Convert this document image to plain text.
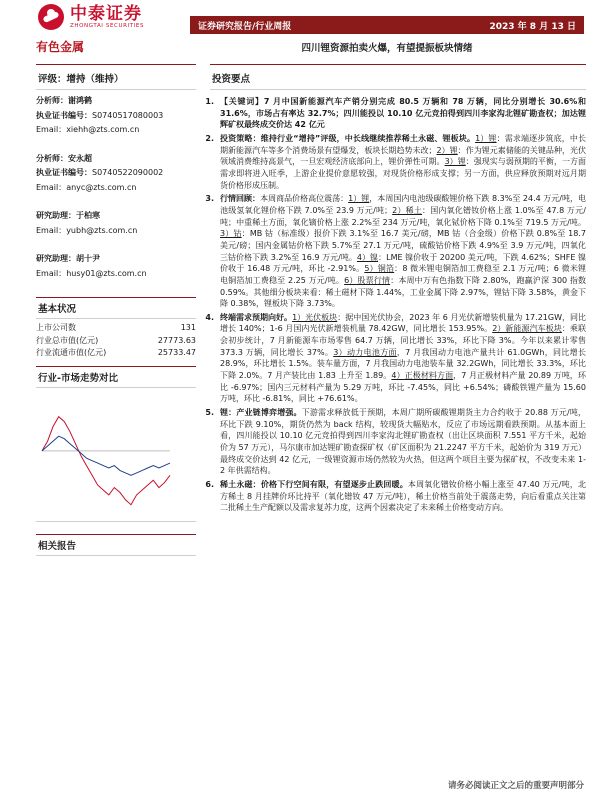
中泰证券
ZHONGTAI SECURITIES
有色金属
证券研究报告/行业周报	2023 年 8 月 13 日
四川锂资源拍卖火爆，有望提振板块情绪
评级：增持（维持）
分析师：谢鸿鹤
执业证书编号：S0740517080003
Email：xiehh@zts.com.cn
分析师：安永超
执业证书编号：S0740522090002
Email：anyc@zts.com.cn
研究助理：于柏寒
Email：yubh@zts.com.cn
研究助理：胡十尹
Email：husy01@zts.com.cn
基本状况
上市公司数	131
行业总市值(亿元)	27773.63
行业流通市值(亿元)	25733.47
行业-市场走势对比
相关报告
投资要点
1. 【关键词】7 月中国新能源汽车产销分别完成 80.5 万辆和 78 万辆，同比分别增长 30.6%和 31.6%，市场占有率达 32.7%；四川能投以 10.10 亿元竞拍得到四川李家沟北锂矿勘查权；加达锂辉矿权最终成交价达 42 亿元
2. 投资策略：维持行业“增持”评级，中长线继续推荐稀土永磁、锂板块。1）锂：需求端逐步筑底，中长期新能源汽车等多个消费场景有望爆发，板块长期趋势未改；2）锂：作为锂元素储能的关键品种，光伏领域消费维持高景气，一旦宏观经济底部向上，锂价弹性可期。3）锂：强现实与弱预期的平衡，一方面需求即将进入旺季，上游企业提价意愿较强，对现货价格形成支撑；另一方面，供应释放预期对远月期货价格形成压制。
3. 行情回顾：本周商品价格高位震荡：1）锂，本周国内电池级碳酸锂价格下跌 8.3%至 24.4 万元/吨，电池级氢氧化锂价格下跌 7.0%至 23.9 万元/吨；2）稀土：国内氧化镨钕价格上涨 1.0%至 47.8 万元/吨；中重稀土方面，氧化镝价格上涨 2.2%至 234 万元/吨，氧化铽价格下降 0.1%至 719.5 万元/吨。3）钴：MB 钴（标准级）报价下跌 3.1%至 16.7 美元/磅，MB 钴（合金级）价格下跌 0.8%至 18.7 美元/磅；国内金属钴价格下跌 5.7%至 27.1 万元/吨，硫酸钴价格下跌 4.9%至 3.9 万元/吨，四氧化三钴价格下跌 3.2%至 16.9 万元/吨。4）镍：LME 镍价收于 20200 美元/吨，下跌 4.62%；SHFE 镍价收于 16.48 万元/吨，环比 -2.91%。5）铜箔：8 微米锂电铜箔加工费稳至 2.1 万元/吨；6 微米锂电铜箔加工费稳至 2.25 万元/吨。6）股票行情：本周中万有色指数下降 2.80%，跑赢沪深 300 指数 0.59%。其他细分板块来看：稀土磁材下降 1.44%，工业金属下降 2.97%，锂钴下降 3.58%，黄金下降 0.38%，锂板块下降 3.73%。
4. 终端需求预期向好。1）光伏板块：据中国光伏协会，2023 年 6 月光伏新增装机量为 17.21GW，同比增长 140%；1-6 月国内光伏新增装机量 78.42GW，同比增长 153.95%。2）新能源汽车板块：乘联会初步统计，7 月新能源车市场零售 64.7 万辆，同比增长 33%，环比下降 3%。今年以来累计零售 373.3 万辆，同比增长 37%。3）动力电池方面，7 月我国动力电池产量共计 61.0GWh，同比增长 28.9%，环比增长 1.5%。装车量方面，7 月我国动力电池装车量 32.2GWh，同比增长 33.3%，环比下降 2.0%。7 月产装比由 1.83 上升至 1.89。4）正极材料方面，7 月正极材料产量 20.89 万吨，环比 -6.97%；国内三元材料产量为 5.29 万吨，环比 -7.45%，同比 +6.54%；磷酸铁锂产量为 15.60 万吨，环比 -6.81%，同比 +76.61%。
5. 锂：产业链博弈增强。下游需求释放低于预期，本周广期所碳酸锂期货主力合约收于 20.88 万元/吨，环比下跌 9.10%，期货仍然为 back 结构，较现货大幅贴水，反应了市场远期看跌预期。从基本面上看，四川能投以 10.10 亿元竞拍得到四川李家沟北锂矿勘查权（出让区块面积 7.551 平方千米，起始价为 57 万元），马尔康市加达锂矿勘查探矿权（矿区面积为 21.2247 平方千米，起始价为 319 万元）最终成交价达到 42 亿元，一级锂资源市场仍然较为火热，但这两个项目主要为探矿权，不改变未来 1-2 年供需结构。
6. 稀土永磁：价格下行空间有限，有望逐步止跌回暖。本周氧化镨钕价格小幅上涨至 47.40 万元/吨，北方稀土 8 月挂牌价环比持平（氧化镨钕 47 万元/吨），稀土价格当前处于震荡走势，向后看重点关注第二批稀土生产配额以及需求复苏力度，这两个因素决定了未来稀土价格变动方向。
请务必阅读正文之后的重要声明部分
